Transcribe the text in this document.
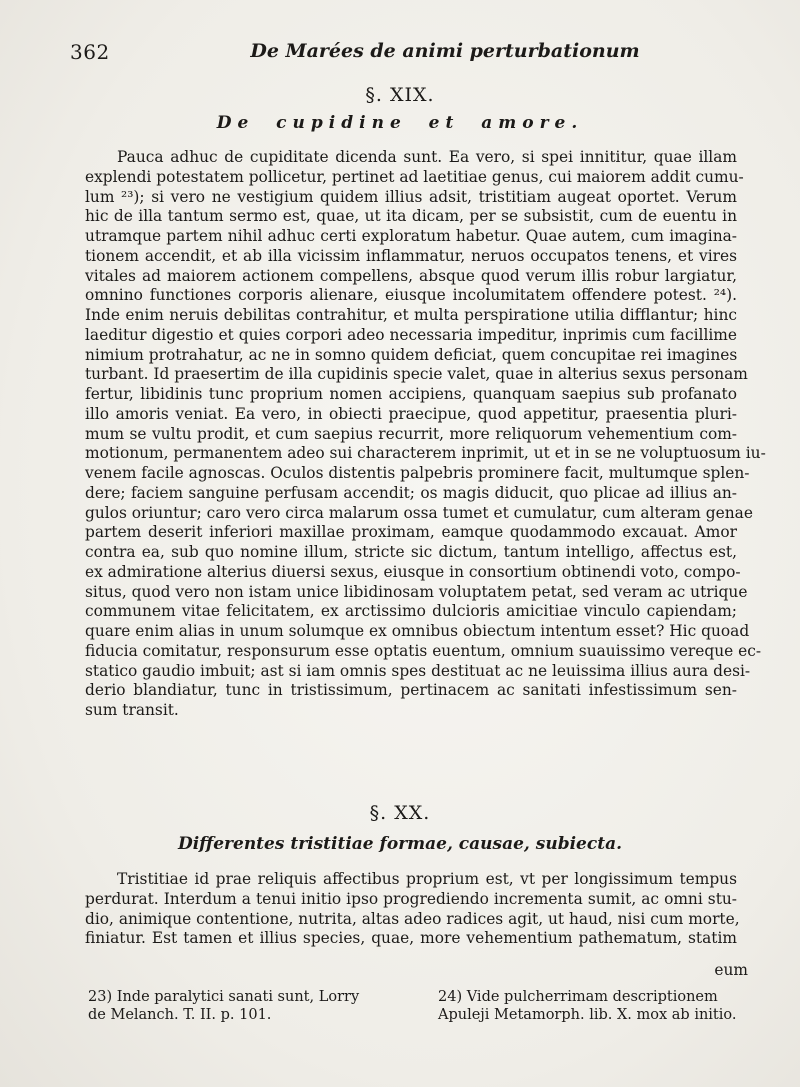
362	De Marées de animi perturbationum
§. XIX.
De cupidine et amore.
Pauca adhuc de cupiditate dicenda sunt. Ea vero, si spei innititur, quae illam
explendi potestatem pollicetur, pertinet ad laetitiae genus, cui maiorem addit cumu-
lum ²³); si vero ne vestigium quidem illius adsit, tristitiam augeat oportet. Verum
hic de illa tantum sermo est, quae, ut ita dicam, per se subsistit, cum de euentu in
utramque partem nihil adhuc certi exploratum habetur. Quae autem, cum imagina-
tionem accendit, et ab illa vicissim inflammatur, neruos occupatos tenens, et vires
vitales ad maiorem actionem compellens, absque quod verum illis robur largiatur,
omnino functiones corporis alienare, eiusque incolumitatem offendere potest. ²⁴).
Inde enim neruis debilitas contrahitur, et multa perspiratione utilia difflantur; hinc
laeditur digestio et quies corpori adeo necessaria impeditur, inprimis cum facillime
nimium protrahatur, ac ne in somno quidem deficiat, quem concupitae rei imagines
turbant. Id praesertim de illa cupidinis specie valet, quae in alterius sexus personam
fertur, libidinis tunc proprium nomen accipiens, quanquam saepius sub profanato
illo amoris veniat. Ea vero, in obiecti praecipue, quod appetitur, praesentia pluri-
mum se vultu prodit, et cum saepius recurrit, more reliquorum vehementium com-
motionum, permanentem adeo sui characterem inprimit, ut et in se ne voluptuosum iu-
venem facile agnoscas. Oculos distentis palpebris prominere facit, multumque splen-
dere; faciem sanguine perfusam accendit; os magis diducit, quo plicae ad illius an-
gulos oriuntur; caro vero circa malarum ossa tumet et cumulatur, cum alteram genae
partem deserit inferiori maxillae proximam, eamque quodammodo excauat. Amor
contra ea, sub quo nomine illum, stricte sic dictum, tantum intelligo, affectus est,
ex admiratione alterius diuersi sexus, eiusque in consortium obtinendi voto, compo-
situs, quod vero non istam unice libidinosam voluptatem petat, sed veram ac utrique
communem vitae felicitatem, ex arctissimo dulcioris amicitiae vinculo capiendam;
quare enim alias in unum solumque ex omnibus obiectum intentum esset? Hic quoad
fiducia comitatur, responsurum esse optatis euentum, omnium suauissimo vereque ec-
statico gaudio imbuit; ast si iam omnis spes destituat ac ne leuissima illius aura desi-
derio blandiatur, tunc in tristissimum, pertinacem ac sanitati infestissimum sen-
sum transit.
§. XX.
Differentes tristitiae formae, causae, subiecta.
Tristitiae id prae reliquis affectibus proprium est, vt per longissimum tempus
perdurat. Interdum a tenui initio ipso progrediendo incrementa sumit, ac omni stu-
dio, animique contentione, nutrita, altas adeo radices agit, ut haud, nisi cum morte,
finiatur. Est tamen et illius species, quae, more vehementium pathematum, statim
eum
23) Inde paralytici sanati sunt, Lorry
de Melanch. T. II. p. 101.
24) Vide pulcherrimam descriptionem
Apuleji Metamorph. lib. X. mox ab initio.
